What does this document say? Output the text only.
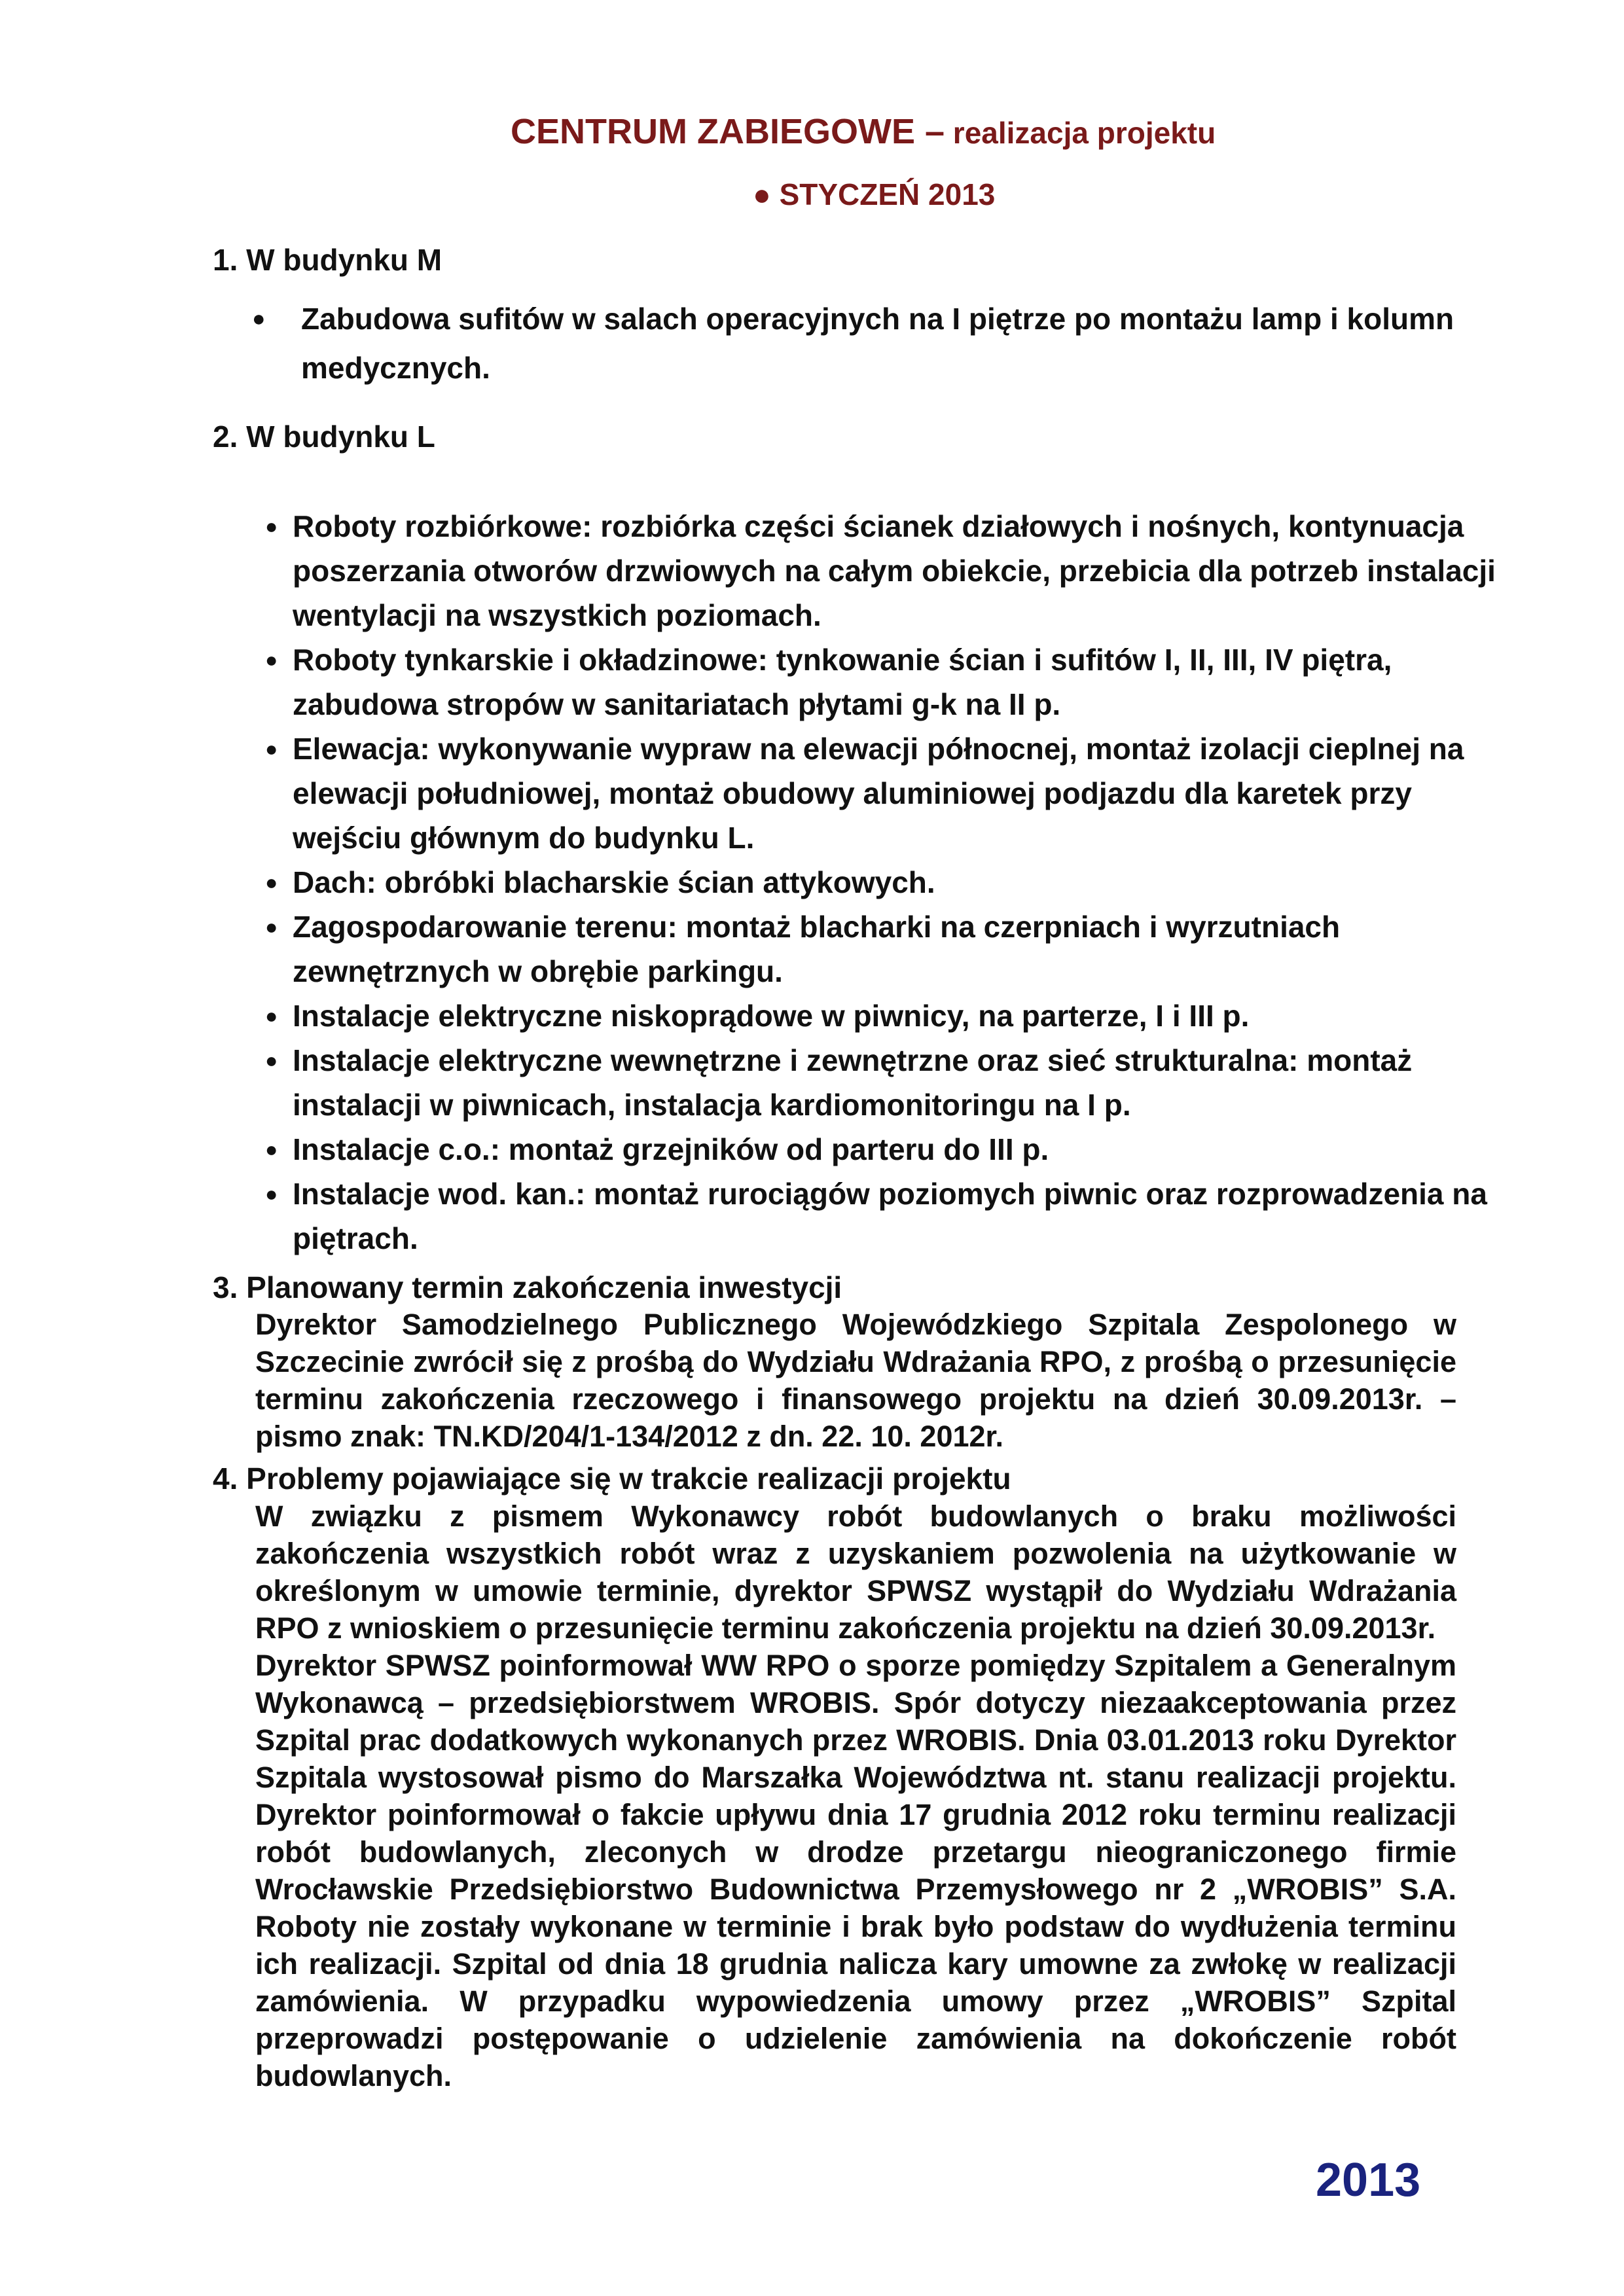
CENTRUM ZABIEGOWE – realizacja projektu
● STYCZEŃ 2013
1. W budynku M
●	Zabudowa sufitów w salach operacyjnych na I piętrze po montażu lamp i kolumn medycznych.
2. W budynku L
● Roboty rozbiórkowe: rozbiórka części ścianek działowych i nośnych, kontynuacja poszerzania otworów drzwiowych na całym obiekcie, przebicia dla potrzeb instalacji wentylacji na wszystkich poziomach.
● Roboty tynkarskie i okładzinowe: tynkowanie ścian i sufitów I, II, III, IV piętra, zabudowa stropów w sanitariatach płytami g-k na II p.
● Elewacja: wykonywanie wypraw na elewacji północnej, montaż izolacji cieplnej na elewacji południowej, montaż obudowy aluminiowej podjazdu dla karetek przy wejściu głównym do budynku L.
● Dach: obróbki blacharskie ścian attykowych.
● Zagospodarowanie terenu: montaż blacharki na czerpniach i wyrzutniach zewnętrznych w obrębie parkingu.
● Instalacje elektryczne niskoprądowe w piwnicy, na parterze, I i III p.
● Instalacje elektryczne wewnętrzne i zewnętrzne oraz sieć strukturalna: montaż instalacji w piwnicach, instalacja kardiomonitoringu na I p.
● Instalacje c.o.: montaż grzejników od parteru do III p.
● Instalacje wod. kan.: montaż rurociągów poziomych piwnic oraz rozprowadzenia na piętrach.
3. Planowany termin zakończenia inwestycji

Dyrektor Samodzielnego Publicznego Wojewódzkiego Szpitala Zespolonego w Szczecinie zwrócił się z prośbą do Wydziału Wdrażania RPO, z prośbą o przesunięcie terminu zakończenia rzeczowego i finansowego projektu na dzień 30.09.2013r. – pismo znak: TN.KD/204/1-134/2012 z dn. 22. 10. 2012r.

4. Problemy pojawiające się w trakcie realizacji projektu

W związku z pismem Wykonawcy robót budowlanych o braku możliwości zakończenia wszystkich robót wraz z uzyskaniem pozwolenia na użytkowanie w określonym w umowie terminie, dyrektor SPWSZ wystąpił do Wydziału Wdrażania RPO z wnioskiem o przesunięcie terminu zakończenia projektu na dzień 30.09.2013r.

Dyrektor SPWSZ poinformował WW RPO o sporze pomiędzy Szpitalem a Generalnym Wykonawcą – przedsiębiorstwem WROBIS. Spór dotyczy niezaakceptowania przez Szpital prac dodatkowych wykonanych przez WROBIS. Dnia 03.01.2013 roku Dyrektor Szpitala wystosował pismo do Marszałka Województwa nt. stanu realizacji projektu. Dyrektor poinformował o fakcie upływu dnia 17 grudnia 2012 roku terminu realizacji robót budowlanych, zleconych w drodze przetargu nieograniczonego firmie Wrocławskie Przedsiębiorstwo Budownictwa Przemysłowego nr 2 „WROBIS” S.A. Roboty nie zostały wykonane w terminie i brak było podstaw do wydłużenia terminu ich realizacji. Szpital od dnia 18 grudnia nalicza kary umowne za zwłokę w realizacji zamówienia. W przypadku wypowiedzenia umowy przez „WROBIS” Szpital przeprowadzi postępowanie o udzielenie zamówienia na dokończenie robót budowlanych.

2013
